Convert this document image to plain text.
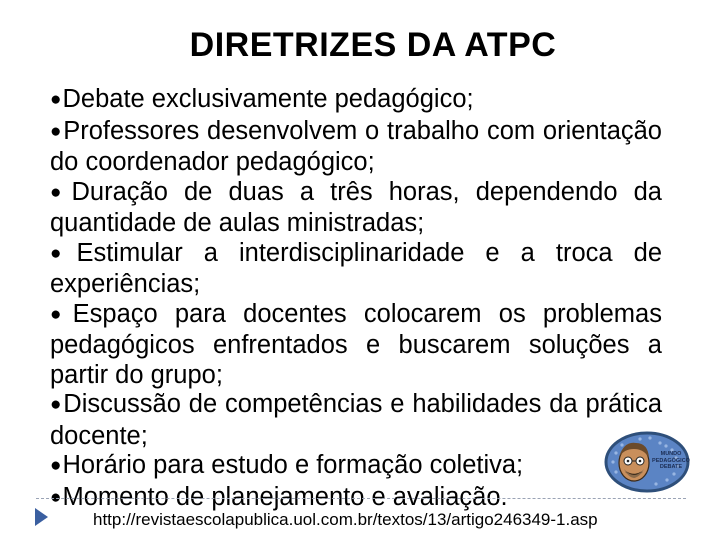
DIRETRIZES DA ATPC

●Debate exclusivamente pedagógico;

●Professores desenvolvem o trabalho com orientação do coordenador pedagógico;

●Duração de duas a três horas, dependendo da quantidade de aulas ministradas;

●Estimular a interdisciplinaridade e a troca de experiências;

●Espaço para docentes colocarem os problemas pedagógicos enfrentados e buscarem soluções a partir do grupo;

●Discussão de competências e habilidades da prática docente;

●Horário para estudo e formação coletiva;

●Momento de planejamento e avaliação.

MUNDO
PEDAGÓGICO
DEBATE
http://revistaescolapublica.uol.com.br/textos/13/artigo246349-1.asp
